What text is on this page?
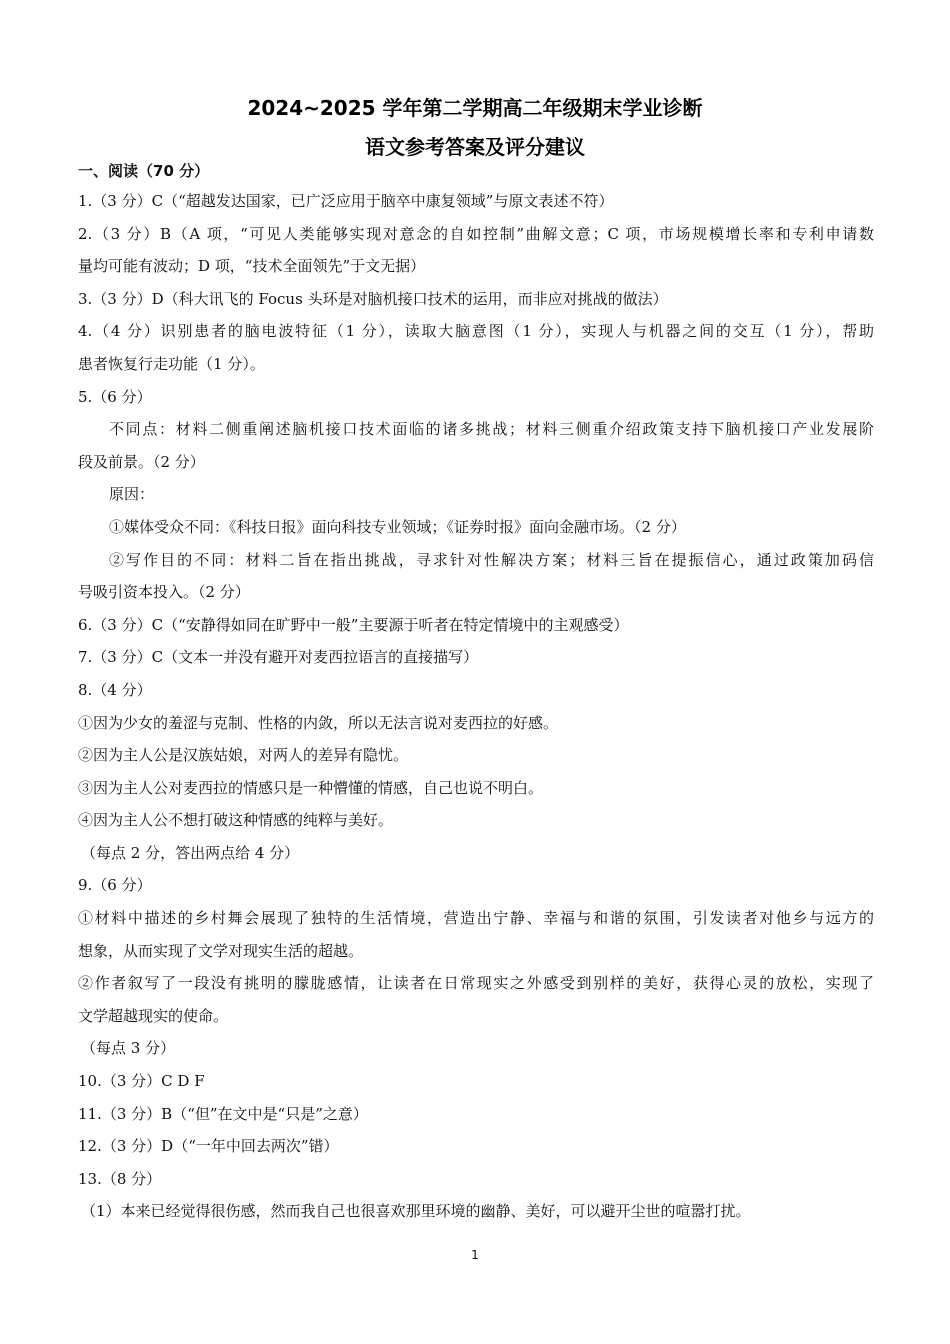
2024~2025 学年第二学期高二年级期末学业诊断
语文参考答案及评分建议
一、阅读（70 分）
1.（3 分）C（“超越发达国家，已广泛应用于脑卒中康复领域”与原文表述不符）
2.（3 分）B（A 项，“可见人类能够实现对意念的自如控制”曲解文意；C 项，市场规模增长率和专利申请数
量均可能有波动；D 项，“技术全面领先”于文无据）
3.（3 分）D（科大讯飞的 Focus 头环是对脑机接口技术的运用，而非应对挑战的做法）
4.（4 分）识别患者的脑电波特征（1 分），读取大脑意图（1 分），实现人与机器之间的交互（1 分），帮助
患者恢复行走功能（1 分）。
5.（6 分）
不同点：材料二侧重阐述脑机接口技术面临的诸多挑战；材料三侧重介绍政策支持下脑机接口产业发展阶
段及前景。（2 分）
原因：
①媒体受众不同：《科技日报》面向科技专业领域；《证券时报》面向金融市场。（2 分）
②写作目的不同：材料二旨在指出挑战，寻求针对性解决方案；材料三旨在提振信心，通过政策加码信
号吸引资本投入。（2 分）
6.（3 分）C（“安静得如同在旷野中一般”主要源于听者在特定情境中的主观感受）
7.（3 分）C（文本一并没有避开对麦西拉语言的直接描写）
8.（4 分）
①因为少女的羞涩与克制、性格的内敛，所以无法言说对麦西拉的好感。
②因为主人公是汉族姑娘，对两人的差异有隐忧。
③因为主人公对麦西拉的情感只是一种懵懂的情感，自己也说不明白。
④因为主人公不想打破这种情感的纯粹与美好。
（每点 2 分，答出两点给 4 分）
9.（6 分）
①材料中描述的乡村舞会展现了独特的生活情境，营造出宁静、幸福与和谐的氛围，引发读者对他乡与远方的
想象，从而实现了文学对现实生活的超越。
②作者叙写了一段没有挑明的朦胧感情，让读者在日常现实之外感受到别样的美好，获得心灵的放松，实现了
文学超越现实的使命。
（每点 3 分）
10.（3 分）C D F
11.（3 分）B（“但”在文中是“只是”之意）
12.（3 分）D（“一年中回去两次”错）
13.（8 分）
（1）本来已经觉得很伤感，然而我自己也很喜欢那里环境的幽静、美好，可以避开尘世的喧嚣打扰。
1
